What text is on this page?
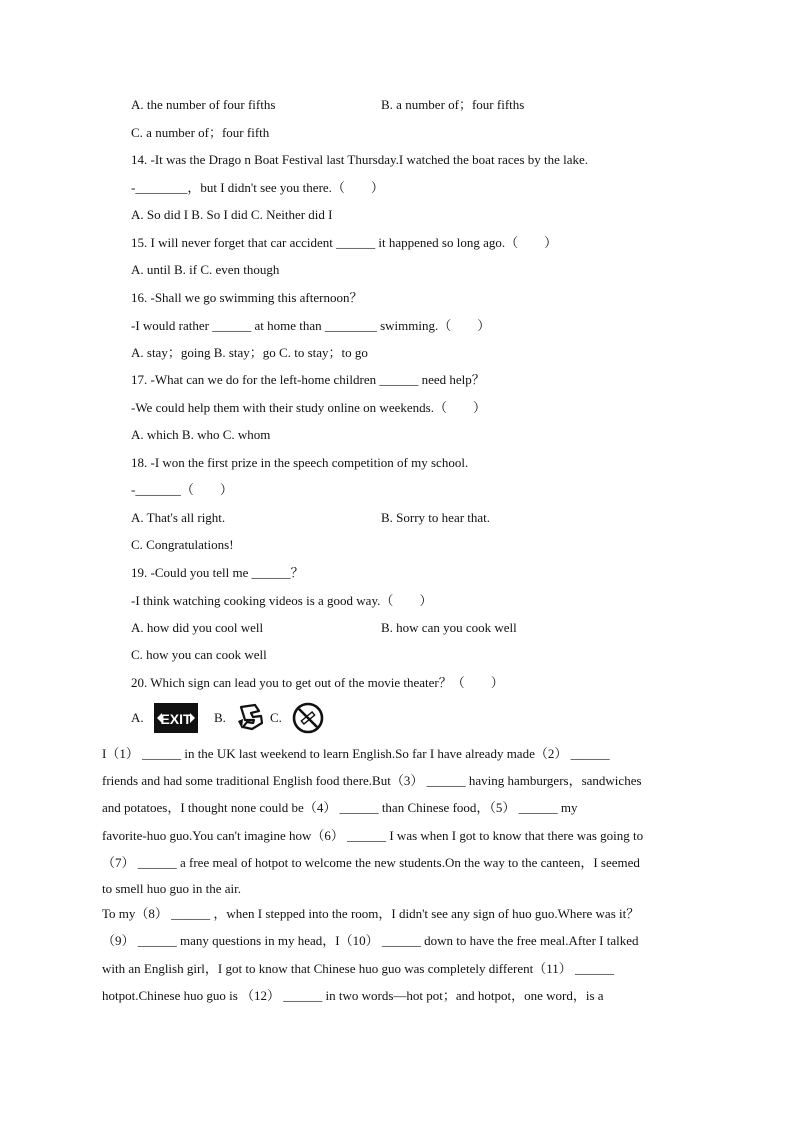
A. the number of four fifths	B. a number of；four fifths
C. a number of；four fifth
14. -It was the Drago n Boat Festival last Thursday.I watched the boat races by the lake.
-________，but I didn't see you there.（　　）
A. So did I B. So I did C. Neither did I
15. I will never forget that car accident ______ it happened so long ago.（　　）
A. until B. if C. even though
16. -Shall we go swimming this afternoon？
-I would rather ______ at home than ________ swimming.（　　）
A. stay；going B. stay；go C. to stay；to go
17. -What can we do for the left-home children ______ need help？
-We could help them with their study online on weekends.（　　）
A. which B. who C. whom
18. -I won the first prize in the speech competition of my school.
-_______（　　）
A. That's all right.	B. Sorry to hear that.
C. Congratulations!
19. -Could you tell me ______？
-I think watching cooking videos is a good way.（　　）
A. how did you cool well	B. how can you cook well
C. how you can cook well
20. Which sign can lead you to get out of the movie theater？（　　）
A. EXIT B.	C.
I（1） ______ in the UK last weekend to learn English.So far I have already made（2） ______
friends and had some traditional English food there.But（3） ______ having hamburgers，sandwiches
and potatoes，I thought none could be（4） ______ than Chinese food，（5） ______ my
favorite-huo guo.You can't imagine how（6） ______ I was when I got to know that there was going to
（7） ______ a free meal of hotpot to welcome the new students.On the way to the canteen，I seemed
to smell huo guo in the air.
To my（8） ______ ，when I stepped into the room，I didn't see any sign of huo guo.Where was it？
（9） ______ many questions in my head，I（10） ______ down to have the free meal.After I talked
with an English girl，I got to know that Chinese huo guo was completely different（11） ______
hotpot.Chinese huo guo is （12） ______ in two words—hot pot；and hotpot，one word，is a
